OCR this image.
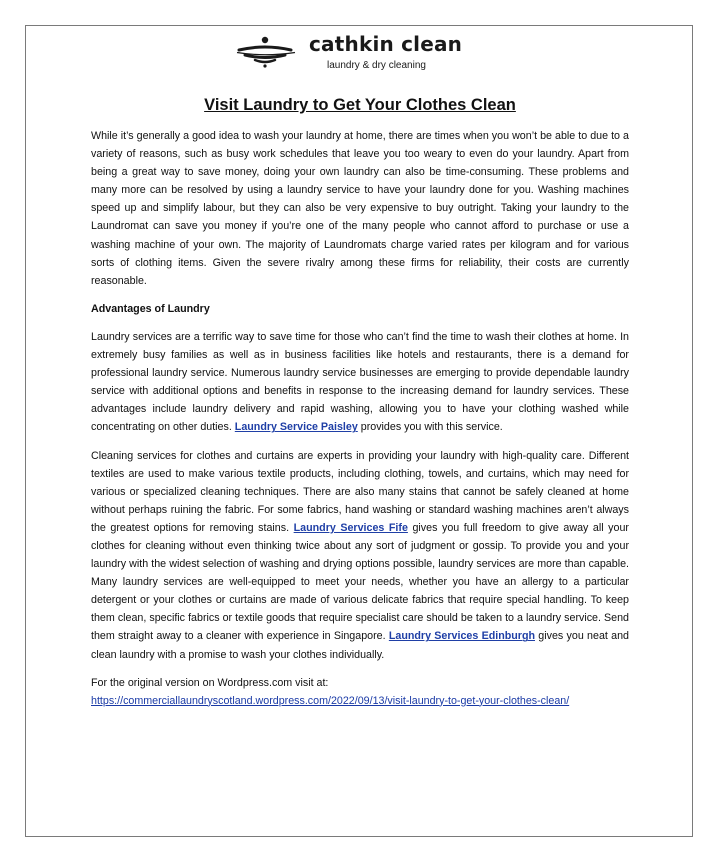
cathkin clean
laundry & dry cleaning
Visit Laundry to Get Your Clothes Clean

While it’s generally a good idea to wash your laundry at home, there are times when you won’t be able to due to a variety of reasons, such as busy work schedules that leave you too weary to even do your laundry. Apart from being a great way to save money, doing your own laundry can also be time-consuming. These problems and many more can be resolved by using a laundry service to have your laundry done for you. Washing machines speed up and simplify labour, but they can also be very expensive to buy outright. Taking your laundry to the Laundromat can save you money if you’re one of the many people who cannot afford to purchase or use a washing machine of your own. The majority of Laundromats charge varied rates per kilogram and for various sorts of clothing items. Given the severe rivalry among these firms for reliability, their costs are currently reasonable.

Advantages of Laundry

Laundry services are a terrific way to save time for those who can’t find the time to wash their clothes at home. In extremely busy families as well as in business facilities like hotels and restaurants, there is a demand for professional laundry service. Numerous laundry service businesses are emerging to provide dependable laundry service with additional options and benefits in response to the increasing demand for laundry services. These advantages include laundry delivery and rapid washing, allowing you to have your clothing washed while concentrating on other duties. Laundry Service Paisley provides you with this service.

Cleaning services for clothes and curtains are experts in providing your laundry with high-quality care. Different textiles are used to make various textile products, including clothing, towels, and curtains, which may need for various or specialized cleaning techniques. There are also many stains that cannot be safely cleaned at home without perhaps ruining the fabric. For some fabrics, hand washing or standard washing machines aren’t always the greatest options for removing stains. Laundry Services Fife gives you full freedom to give away all your clothes for cleaning without even thinking twice about any sort of judgment or gossip. To provide you and your laundry with the widest selection of washing and drying options possible, laundry services are more than capable. Many laundry services are well-equipped to meet your needs, whether you have an allergy to a particular detergent or your clothes or curtains are made of various delicate fabrics that require special handling. To keep them clean, specific fabrics or textile goods that require specialist care should be taken to a laundry service. Send them straight away to a cleaner with experience in Singapore. Laundry Services Edinburgh gives you neat and clean laundry with a promise to wash your clothes individually.

For the original version on Wordpress.com visit at:

https://commerciallaundryscotland.wordpress.com/2022/09/13/visit-laundry-to-get-your-clothes-clean/
